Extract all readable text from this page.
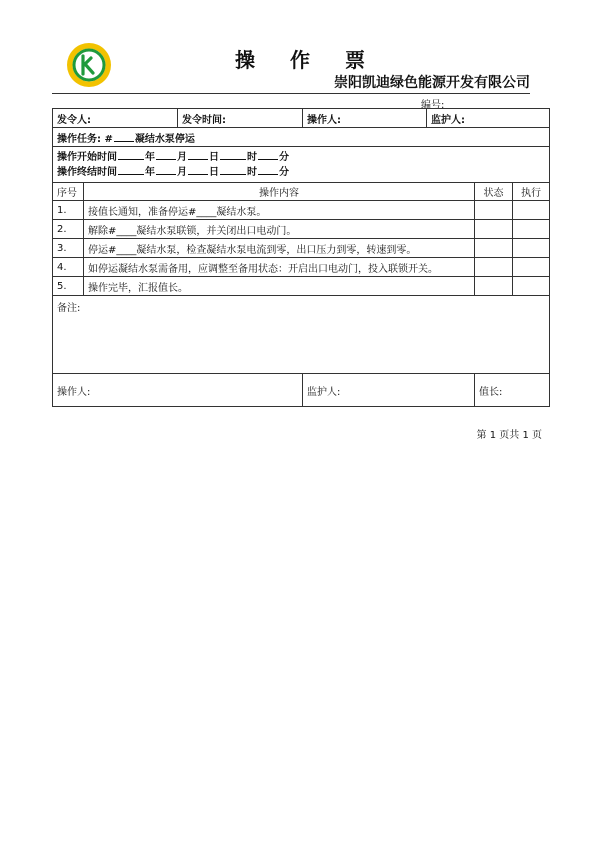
操 作 票
崇阳凯迪绿色能源开发有限公司
编号:
发令人:		发令时间:	操作人:	监护人:		
操作任务: # 凝结水泵停运						

操作开始时间 年 月 日 时 分
操作终结时间 年 月 日 时 分						

序号	操作内容				状态	执行
1.	接值长通知，准备停运#____凝结水泵。					
2.	解除#____凝结水泵联锁，并关闭出口电动门。					
3.	停运#____凝结水泵，检查凝结水泵电流到零，出口压力到零，转速到零。					
4.	如停运凝结水泵需备用，应调整至备用状态：开启出口电动门，投入联锁开关。					
5.	操作完毕，汇报值长。					
备注:						
操作人:			监护人:		值长:	
第 1 页共 1 页
